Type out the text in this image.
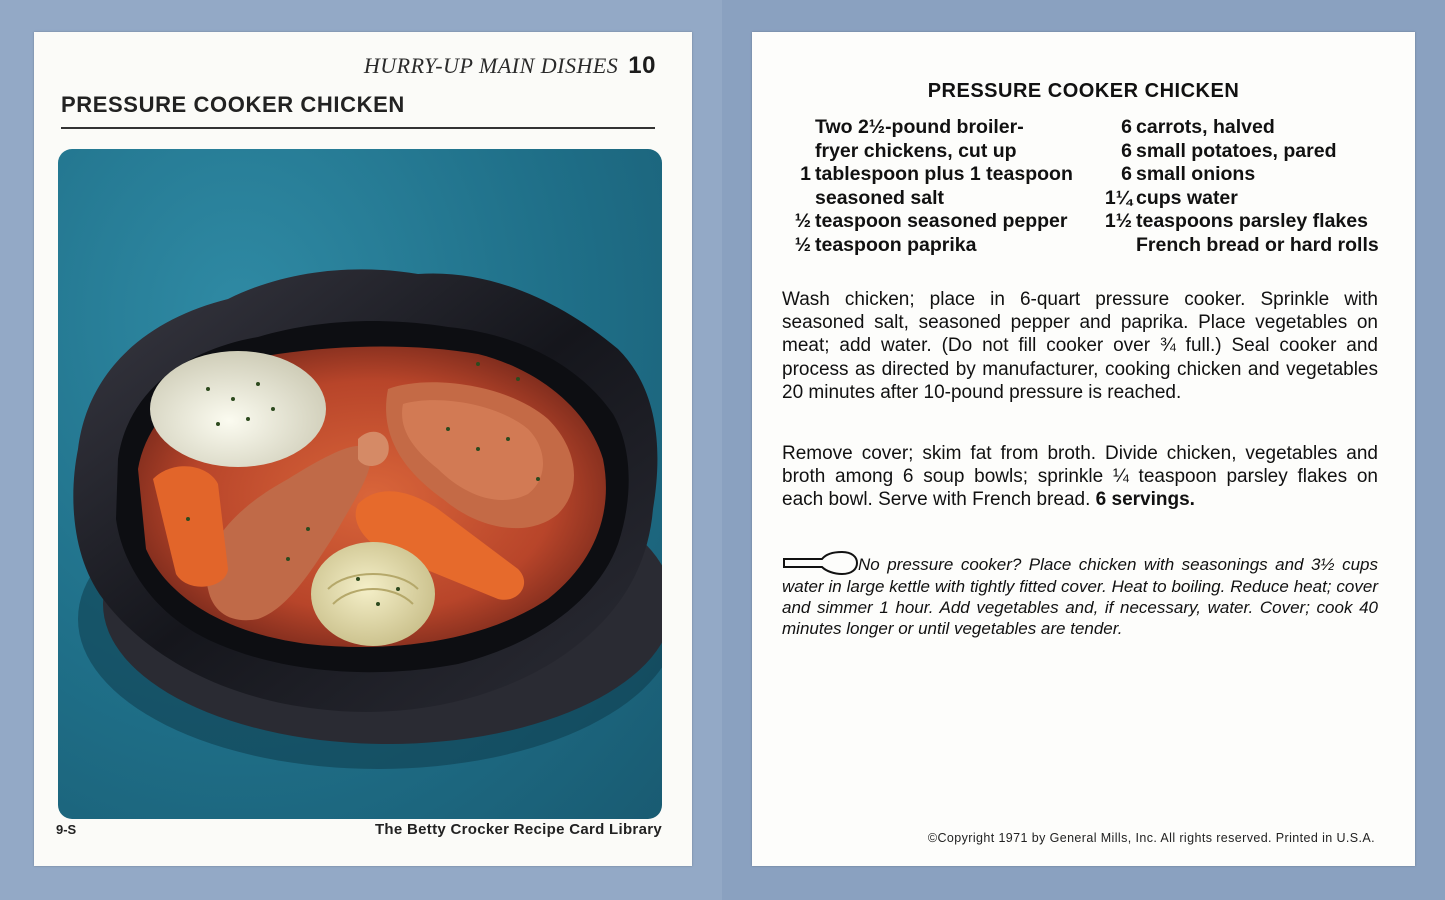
HURRY-UP MAIN DISHES 10
PRESSURE COOKER CHICKEN
9-S	The Betty Crocker Recipe Card Library
PRESSURE COOKER CHICKEN
Two 2½-pound broiler-
fryer chickens, cut up
1 tablespoon plus 1 teaspoon
seasoned salt
½ teaspoon seasoned pepper
½ teaspoon paprika
6 carrots, halved
6 small potatoes, pared
6 small onions
1¼ cups water
1½ teaspoons parsley flakes
French bread or hard rolls
Wash chicken; place in 6-quart pressure cooker. Sprinkle with seasoned salt, seasoned pepper and paprika. Place vegetables on meat; add water. (Do not fill cooker over ¾ full.) Seal cooker and process as directed by manufacturer, cooking chicken and vegetables 20 minutes after 10-pound pressure is reached.
Remove cover; skim fat from broth. Divide chicken, vegetables and broth among 6 soup bowls; sprinkle ¼ teaspoon parsley flakes on each bowl. Serve with French bread. 6 servings.
No pressure cooker? Place chicken with seasonings and 3½ cups water in large kettle with tightly fitted cover. Heat to boiling. Reduce heat; cover and simmer 1 hour. Add vegetables and, if necessary, water. Cover; cook 40 minutes longer or until vegetables are tender.
©Copyright 1971 by General Mills, Inc. All rights reserved. Printed in U.S.A.
